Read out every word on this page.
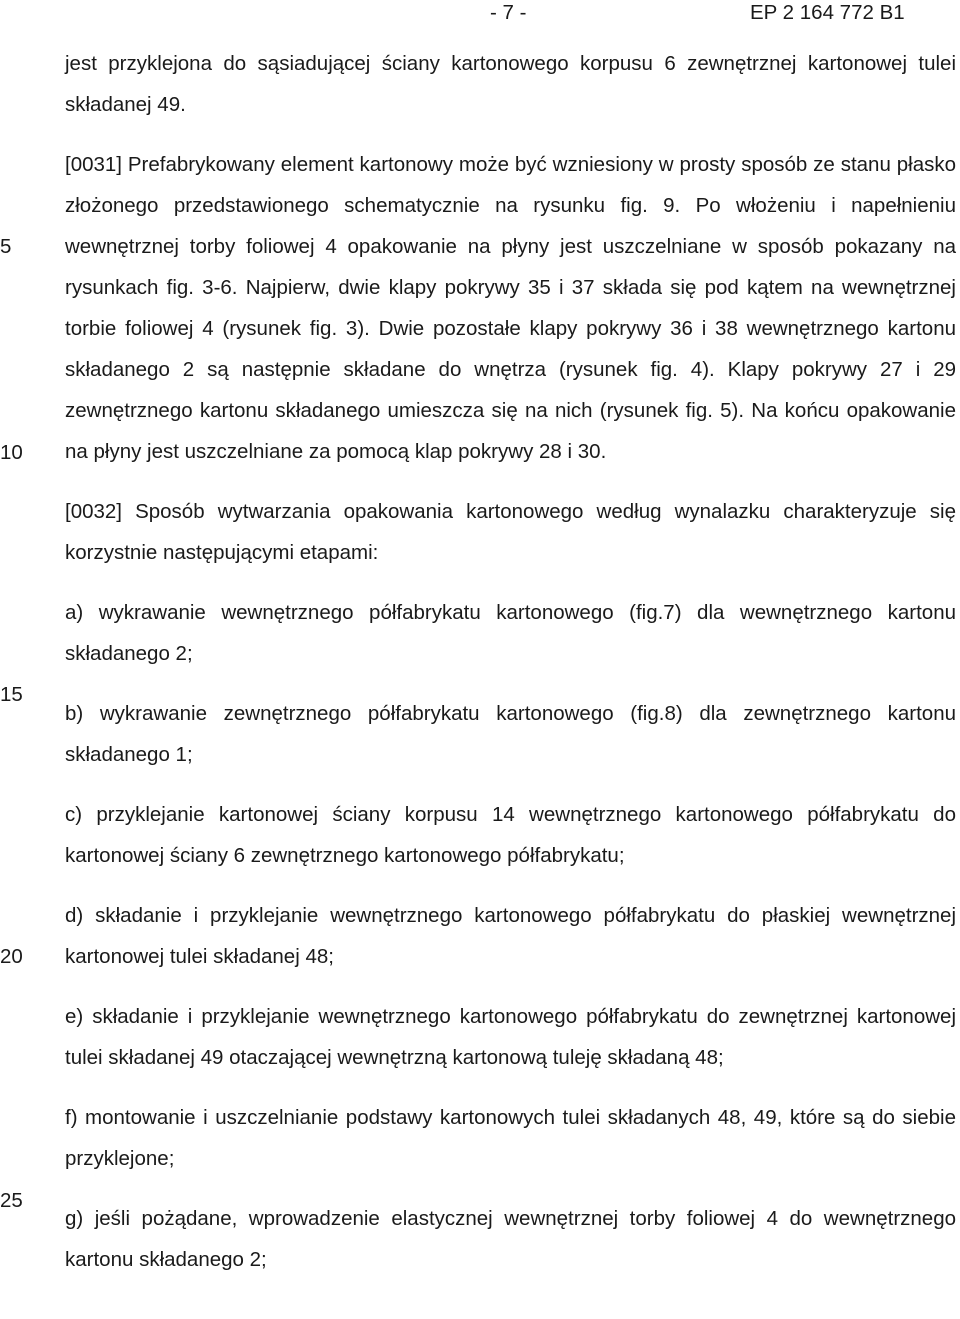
- 7 -	EP 2 164 772 B1
5
10
15
20
25

jest przyklejona do sąsiadującej ściany kartonowego korpusu 6 zewnętrznej kartonowej tulei składanej 49.

[0031] Prefabrykowany element kartonowy może być wzniesiony w prosty sposób ze stanu płasko złożonego przedstawionego schematycznie na rysunku fig. 9. Po włożeniu i napełnieniu wewnętrznej torby foliowej 4 opakowanie na płyny jest uszczelniane w sposób pokazany na rysunkach fig. 3-6. Najpierw, dwie klapy pokrywy 35 i 37 składa się pod kątem na wewnętrznej torbie foliowej 4 (rysunek fig. 3). Dwie pozostałe klapy pokrywy 36 i 38 wewnętrznego kartonu składanego 2 są następnie składane do wnętrza (rysunek fig. 4). Klapy pokrywy 27 i 29 zewnętrznego kartonu składanego umieszcza się na nich (rysunek fig. 5). Na końcu opakowanie na płyny jest uszczelniane za pomocą klap pokrywy 28 i 30.

[0032] Sposób wytwarzania opakowania kartonowego według wynalazku charakteryzuje się korzystnie następującymi etapami:

a) wykrawanie wewnętrznego półfabrykatu kartonowego (fig.7) dla wewnętrznego kartonu składanego 2;

b) wykrawanie zewnętrznego półfabrykatu kartonowego (fig.8) dla zewnętrznego kartonu składanego 1;

c) przyklejanie kartonowej ściany korpusu 14 wewnętrznego kartonowego półfabrykatu do kartonowej ściany 6 zewnętrznego kartonowego półfabrykatu;

d) składanie i przyklejanie wewnętrznego kartonowego półfabrykatu do płaskiej wewnętrznej kartonowej tulei składanej 48;

e) składanie i przyklejanie wewnętrznego kartonowego półfabrykatu do zewnętrznej kartonowej tulei składanej 49 otaczającej wewnętrzną kartonową tuleję składaną 48;

f) montowanie i uszczelnianie podstawy kartonowych tulei składanych 48, 49, które są do siebie przyklejone;

g) jeśli pożądane, wprowadzenie elastycznej wewnętrznej torby foliowej 4 do wewnętrznego kartonu składanego 2;
